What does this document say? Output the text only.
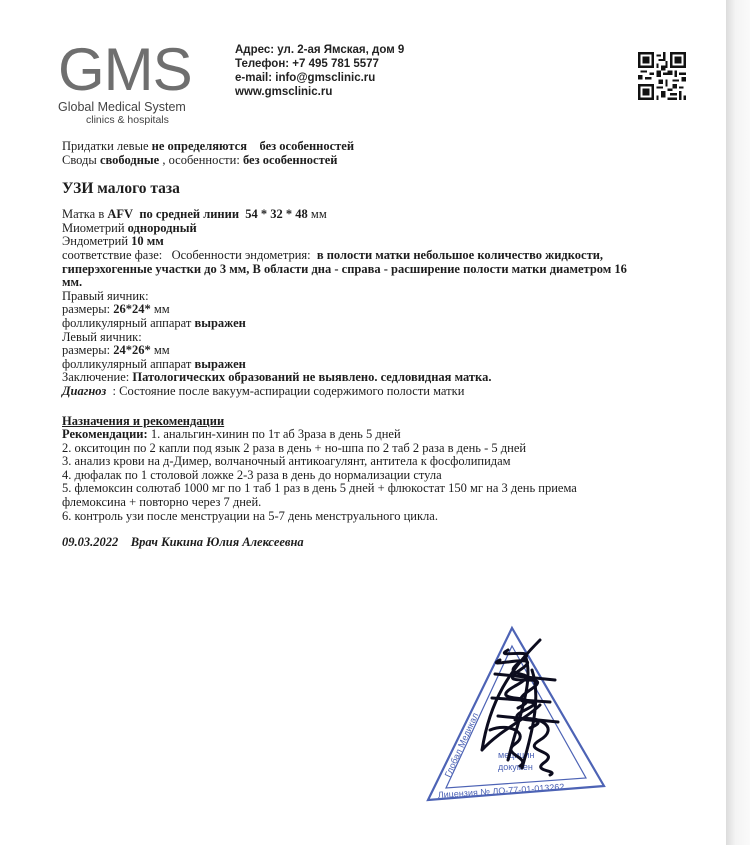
GMS
Global Medical System
clinics & hospitals
Адрес: ул. 2-ая Ямская, дом 9
Телефон: +7 495 781 5577
e-mail: info@gmsclinic.ru
www.gmsclinic.ru
Придатки левые не определяются без особенностей
Своды свободные , особенности: без особенностей
УЗИ малого таза
Матка в AFV по средней линии 54 * 32 * 48 мм
Миометрий однородный
Эндометрий 10 мм
соответствие фазе: Особенности эндометрия: в полости матки небольшое количество жидкости,
гиперэхогенные участки до 3 мм, В области дна - справа - расширение полости матки диаметром 16
мм.
Правый яичник:
размеры: 26*24* мм
фолликулярный аппарат выражен
Левый яичник:
размеры: 24*26* мм
фолликулярный аппарат выражен
Заключение: Патологических образований не выявлено. седловидная матка.
Диагноз : Состояние после вакуум-аспирации содержимого полости матки
Назначения и рекомендации
Рекомендации: 1. анальгин-хинин по 1т аб 3раза в день 5 дней
2. окситоцин по 2 капли под язык 2 раза в день + но-шпа по 2 таб 2 раза в день - 5 дней
3. анализ крови на д-Димер, волчаночный антикоагулянт, антитела к фосфолипидам
4. дюфалак по 1 столовой ложке 2-3 раза в день до нормализации стула
5. флемоксин солютаб 1000 мг по 1 таб 1 раз в день 5 дней + флюкостат 150 мг на 3 день приема
флемоксина + повторно через 7 дней.
6. контроль узи после менструации на 5-7 день менструального цикла.
09.03.2022 Врач Кикина Юлия Алексеевна
Глобал Медикал
медицин
докумен
Лицензия № ЛО-77-01-013262
